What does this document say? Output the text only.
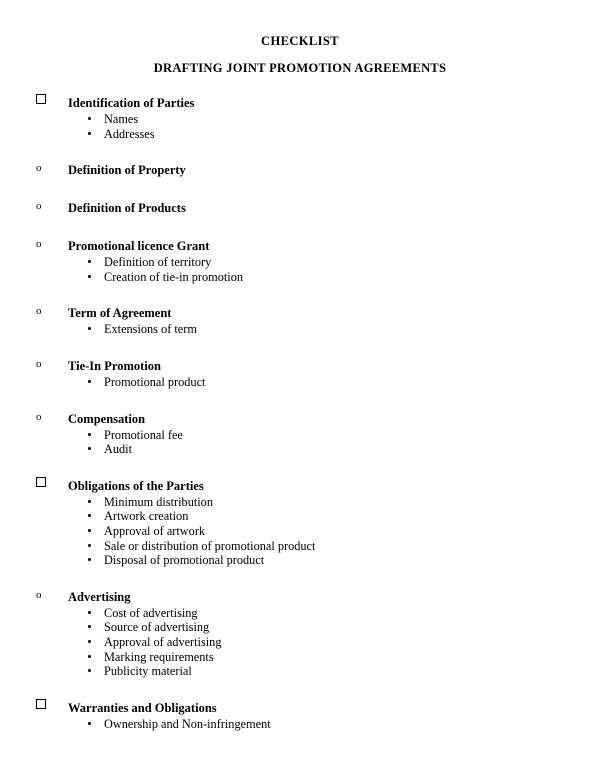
CHECKLIST
DRAFTING JOINT PROMOTION AGREEMENTS
Identification of Parties
Names
Addresses
o	Definition of Property
o	Definition of Products
o	Promotional licence Grant
Definition of territory
Creation of tie-in promotion
o	Term of Agreement
Extensions of term
o	Tie-In Promotion
Promotional product
o	Compensation
Promotional fee
Audit
Obligations of the Parties
Minimum distribution
Artwork creation
Approval of artwork
Sale or distribution of promotional product
Disposal of promotional product
o	Advertising
Cost of advertising
Source of advertising
Approval of advertising
Marking requirements
Publicity material
Warranties and Obligations
Ownership and Non-infringement
